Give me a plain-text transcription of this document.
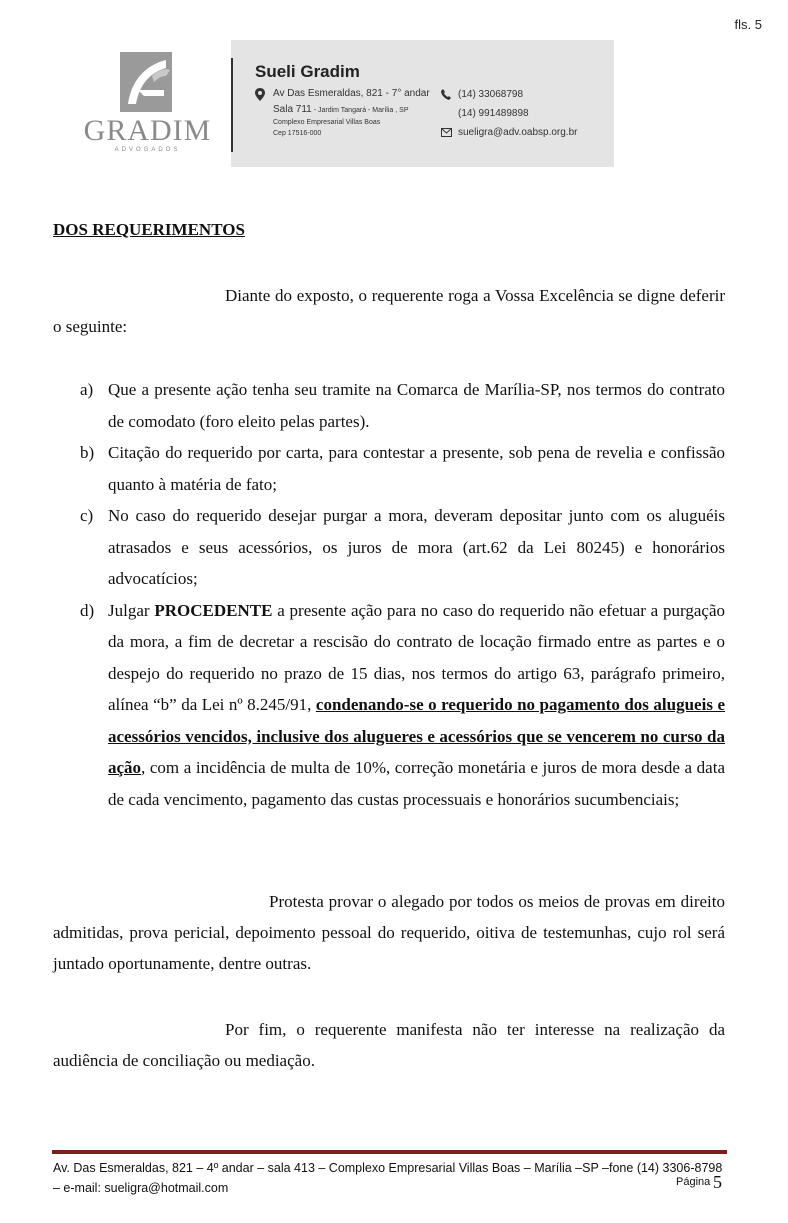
fls. 5
GRADIM
ADVOGADOS
Sueli Gradim
Av Das Esmeraldas, 821 - 7° andar
Sala 711 - Jardim Tangará - Marília , SP
Complexo Empresarial Villas Boas
Cep 17516-000
(14) 33068798
(14) 991489898
sueligra@adv.oabsp.org.br
DOS REQUERIMENTOS
Diante do exposto, o requerente roga a Vossa Excelência se digne deferir o seguinte:
a) Que a presente ação tenha seu tramite na Comarca de Marília-SP, nos termos do contrato de comodato (foro eleito pelas partes).
b) Citação do requerido por carta, para contestar a presente, sob pena de revelia e confissão quanto à matéria de fato;
c) No caso do requerido desejar purgar a mora, deveram depositar junto com os aluguéis atrasados e seus acessórios, os juros de mora (art.62 da Lei 80245) e honorários advocatícios;
d) Julgar PROCEDENTE a presente ação para no caso do requerido não efetuar a purgação da mora, a fim de decretar a rescisão do contrato de locação firmado entre as partes e o despejo do requerido no prazo de 15 dias, nos termos do artigo 63, parágrafo primeiro, alínea “b” da Lei nº 8.245/91, condenando-se o requerido no pagamento dos alugueis e acessórios vencidos, inclusive dos alugueres e acessórios que se vencerem no curso da ação, com a incidência de multa de 10%, correção monetária e juros de mora desde a data de cada vencimento, pagamento das custas processuais e honorários sucumbenciais;
Protesta provar o alegado por todos os meios de provas em direito admitidas, prova pericial, depoimento pessoal do requerido, oitiva de testemunhas, cujo rol será juntado oportunamente, dentre outras.
Por fim, o requerente manifesta não ter interesse na realização da audiência de conciliação ou mediação.
Av. Das Esmeraldas, 821 – 4º andar – sala 413 – Complexo Empresarial Villas Boas – Marília –SP –fone (14) 3306-8798 – e-mail: sueligra@hotmail.com	Página 5
